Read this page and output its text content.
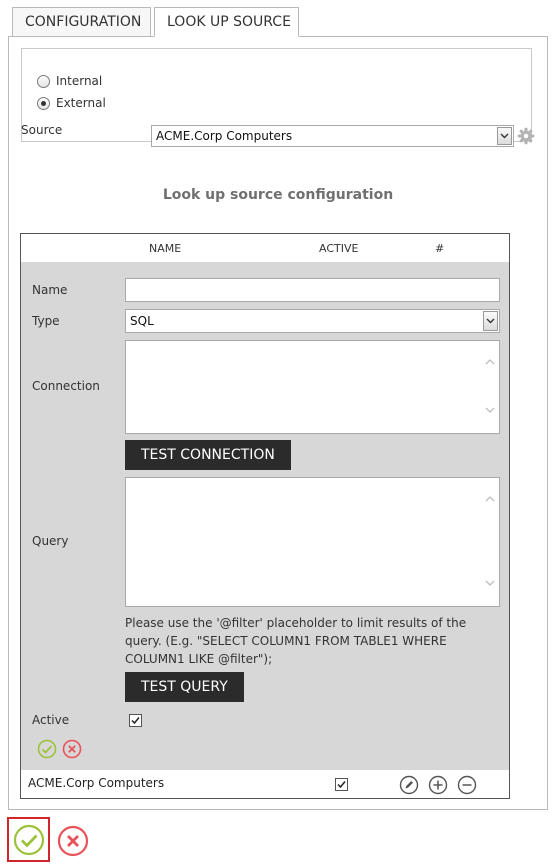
CONFIGURATION	LOOK UP SOURCE
Internal
External
Source	ACME.Corp Computers
Look up source configuration
NAME	ACTIVE	#
Name
Type	SQL
Connection
TEST CONNECTION
Query
Please use the '@filter' placeholder to limit results of the query. (E.g. "SELECT COLUMN1 FROM TABLE1 WHERE COLUMN1 LIKE @filter");
TEST QUERY
Active
ACME.Corp Computers
